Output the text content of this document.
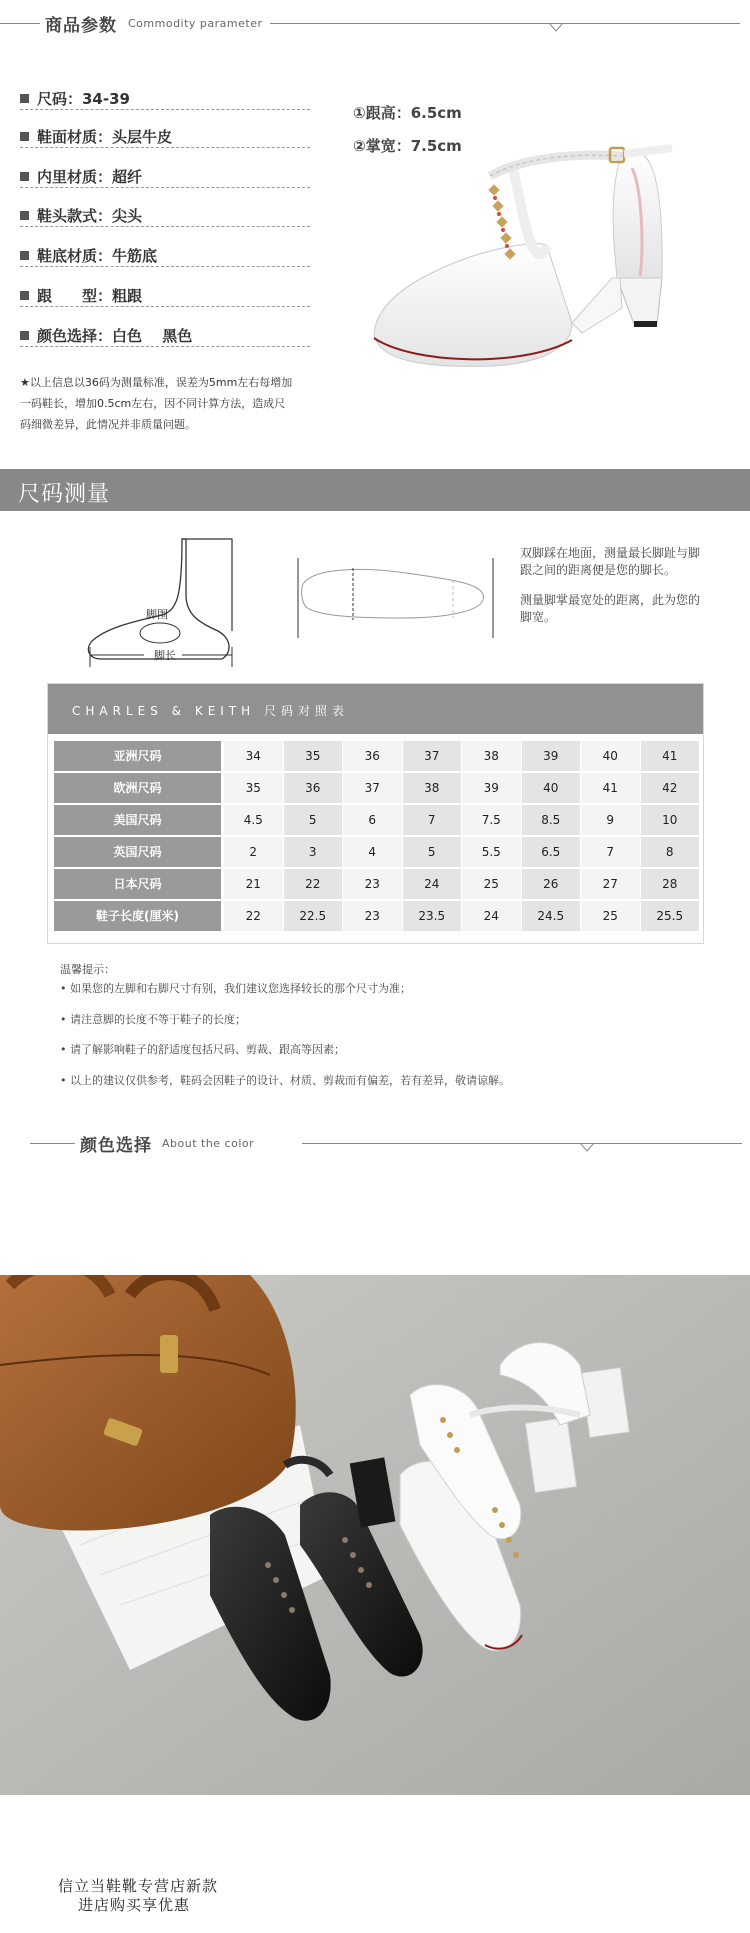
商品参数 Commodity parameter
尺码：34-39
鞋面材质：头层牛皮
内里材质：超纤
鞋头款式：尖头
鞋底材质：牛筋底
跟　　型：粗跟
颜色选择：白色　 黑色
①跟高：6.5cm
②掌宽：7.5cm
★以上信息以36码为测量标准，误差为5mm左右每增加
一码鞋长，增加0.5cm左右，因不同计算方法，造成尺
码细微差异，此情况并非质量问题。
尺码测量
脚围
脚长
双脚踩在地面，测量最长脚趾与脚
跟之间的距离便是您的脚长。
测量脚掌最宽处的距离，此为您的
脚宽。
CHARLES & KEITH 尺码对照表
亚洲尺码	34	35	36	37	38	39	40	41
欧洲尺码	35	36	37	38	39	40	41	42
美国尺码	4.5	5	6	7	7.5	8.5	9	10
英国尺码	2	3	4	5	5.5	6.5	7	8
日本尺码	21	22	23	24	25	26	27	28
鞋子长度(厘米)	22	22.5	23	23.5	24	24.5	25	25.5
温馨提示：
• 如果您的左脚和右脚尺寸有别，我们建议您选择较长的那个尺寸为准；
• 请注意脚的长度不等于鞋子的长度；
• 请了解影响鞋子的舒适度包括尺码、剪裁、跟高等因素；
• 以上的建议仅供参考，鞋码会因鞋子的设计、材质、剪裁而有偏差，若有差异，敬请谅解。
颜色选择 About the color
信立当鞋靴专营店新款
进店购买享优惠
